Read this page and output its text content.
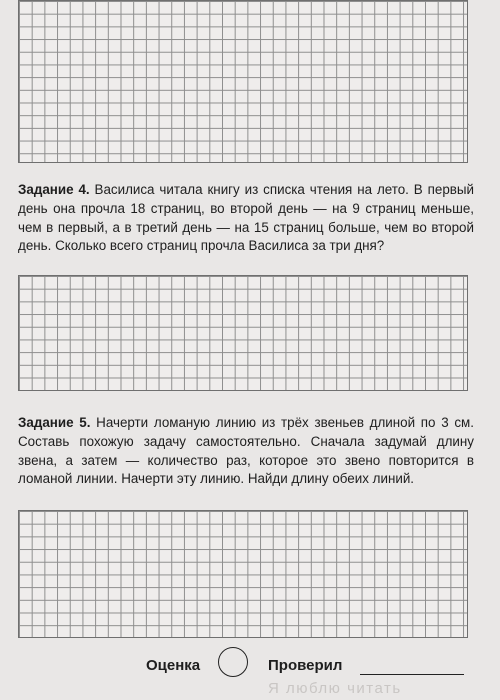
Задание 4. Василиса читала книгу из списка чтения на лето. В первый день она прочла 18 страниц, во второй день — на 9 страниц меньше, чем в первый, а в третий день — на 15 страниц больше, чем во второй день. Сколько всего страниц прочла Василиса за три дня?

Задание 5. Начерти ломаную линию из трёх звеньев длиной по 3 см. Составь похожую задачу самостоятельно. Сначала задумай длину звена, а затем — количество раз, которое это звено повторится в ломаной линии. Начерти эту линию. Найди длину обеих линий.

Оценка	Проверил
Я люблю читать
